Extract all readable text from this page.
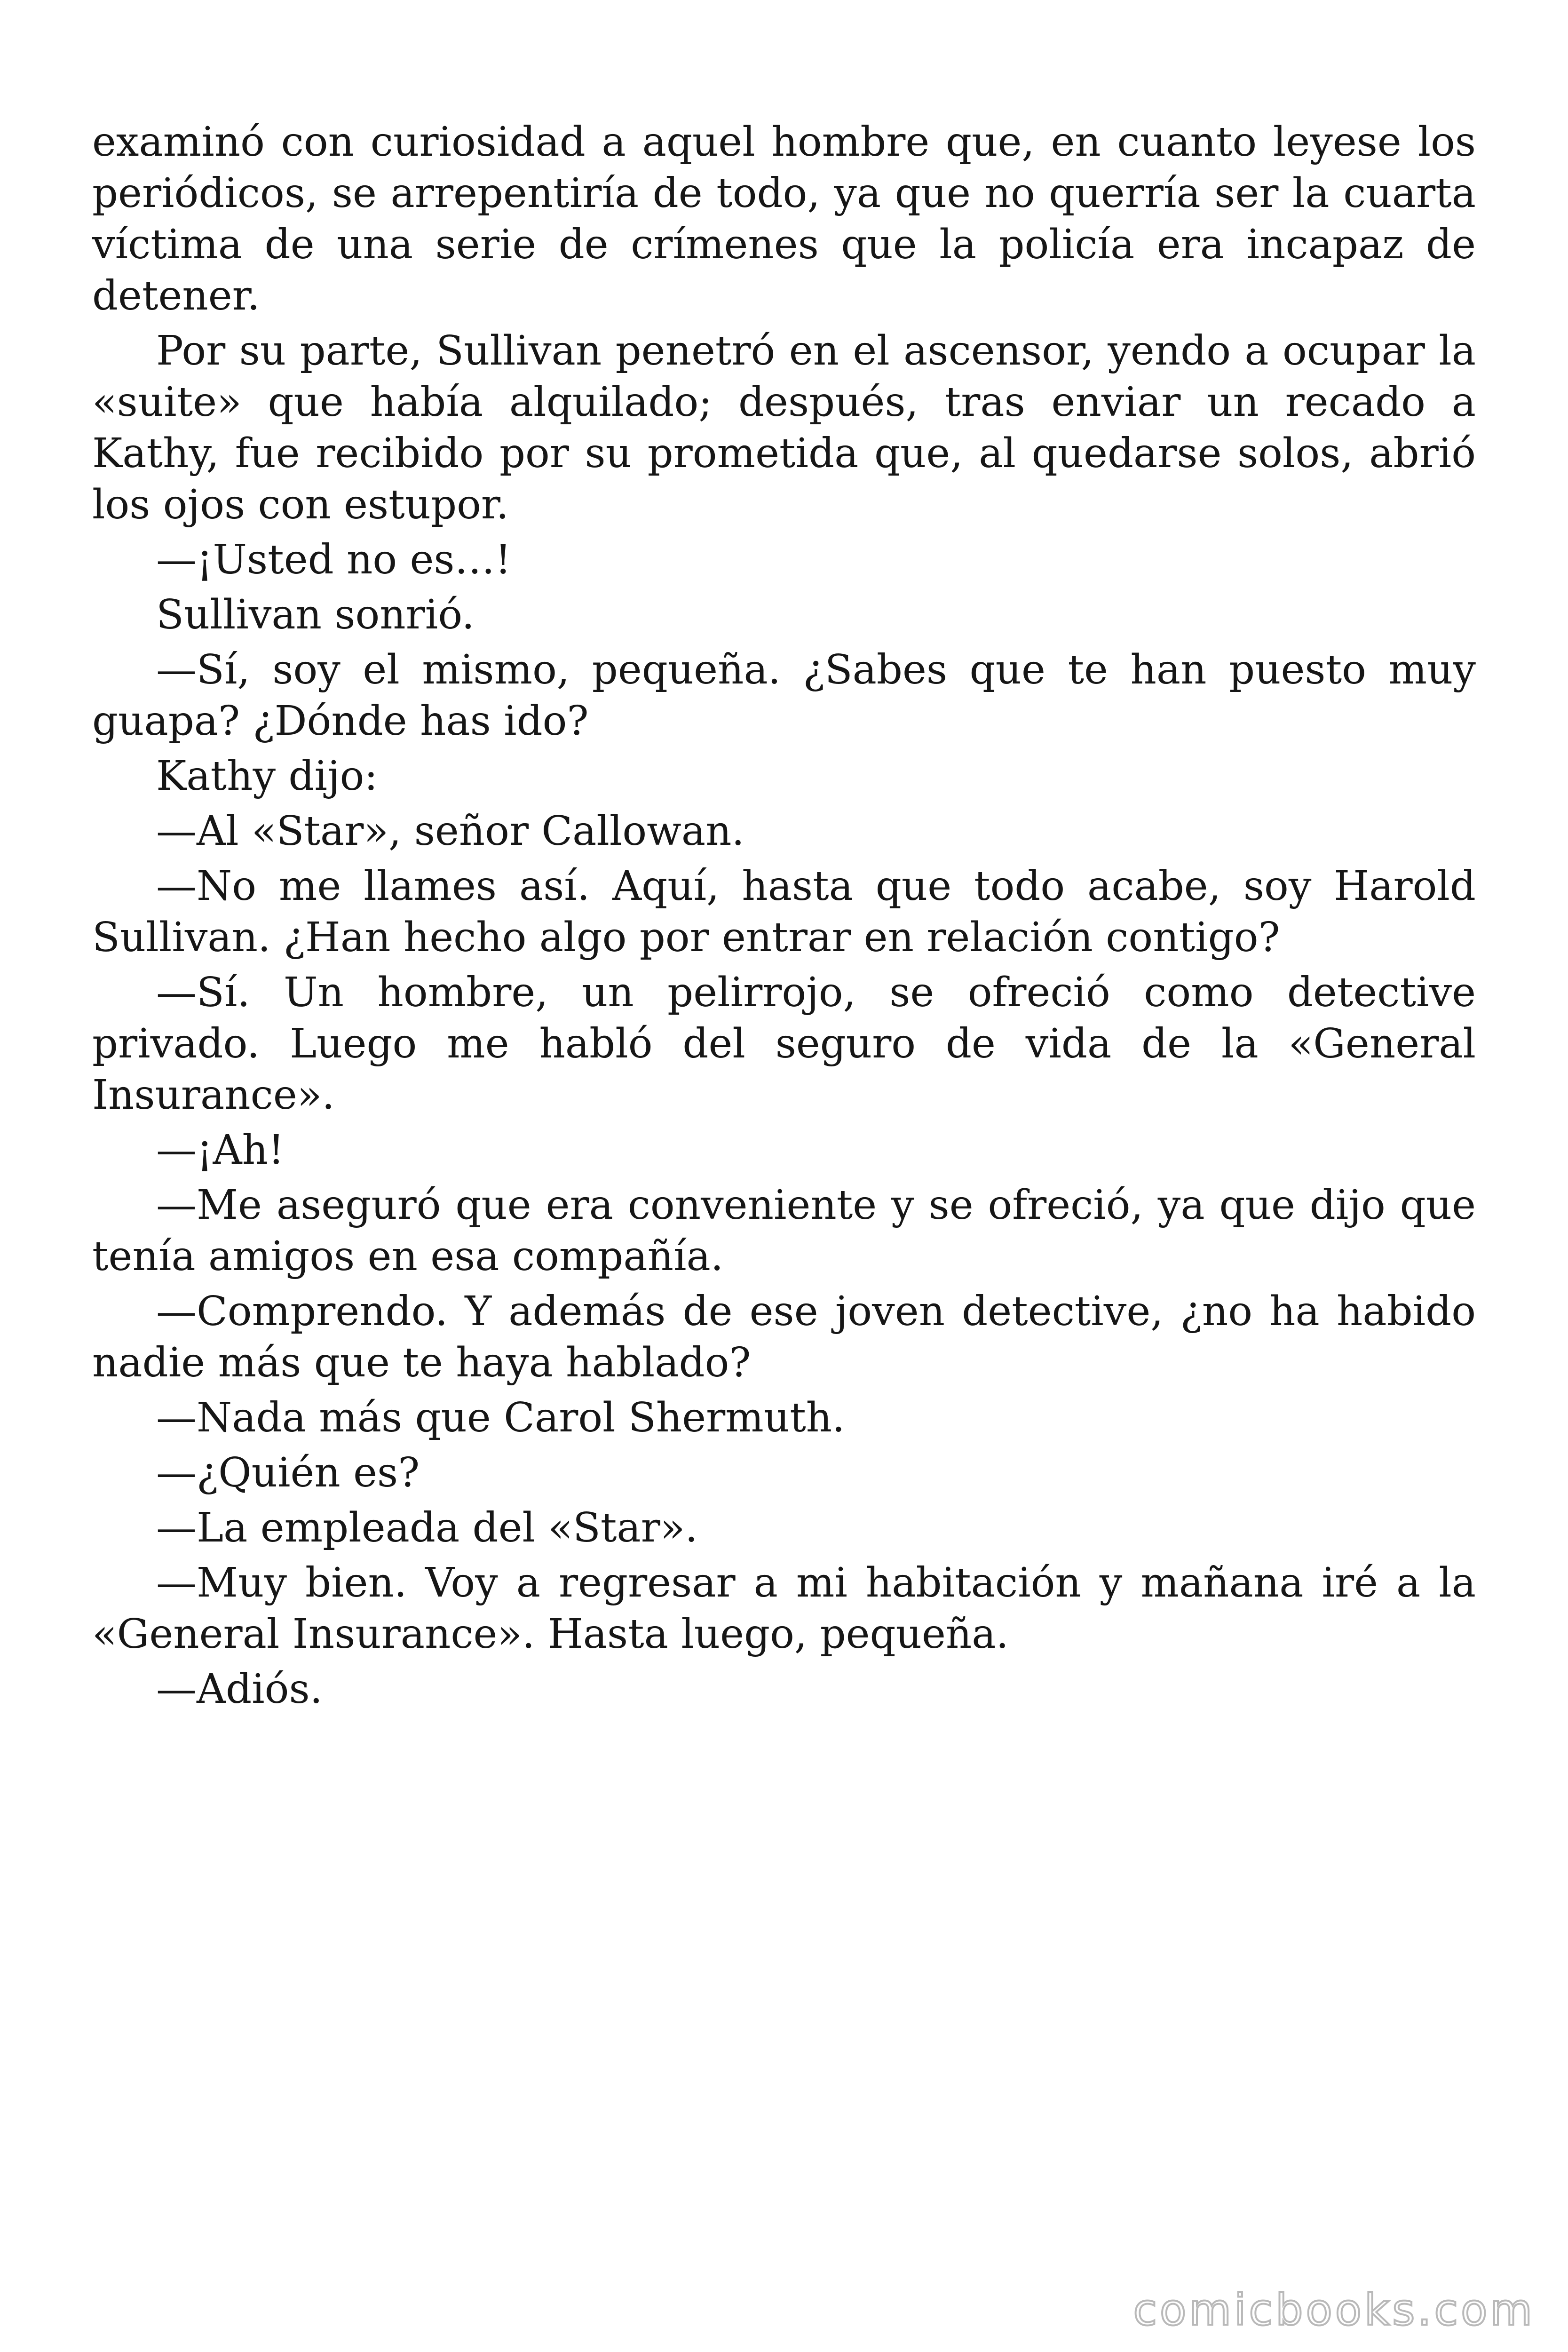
examinó con curiosidad a aquel hombre que, en cuanto leyese los periódicos, se arrepentiría de todo, ya que no querría ser la cuarta víctima de una serie de crímenes que la policía era incapaz de detener.

Por su parte, Sullivan penetró en el ascensor, yendo a ocupar la «suite» que había alquilado; después, tras enviar un recado a Kathy, fue recibido por su prometida que, al quedarse solos, abrió los ojos con estupor.

—¡Usted no es…!

Sullivan sonrió.

—Sí, soy el mismo, pequeña. ¿Sabes que te han puesto muy guapa? ¿Dónde has ido?

Kathy dijo:

—Al «Star», señor Callowan.

—No me llames así. Aquí, hasta que todo acabe, soy Harold Sullivan. ¿Han hecho algo por entrar en relación contigo?

—Sí. Un hombre, un pelirrojo, se ofreció como detective privado. Luego me habló del seguro de vida de la «General Insurance».

—¡Ah!

—Me aseguró que era conveniente y se ofreció, ya que dijo que tenía amigos en esa compañía.

—Comprendo. Y además de ese joven detective, ¿no ha habido nadie más que te haya hablado?

—Nada más que Carol Shermuth.

—¿Quién es?

—La empleada del «Star».

—Muy bien. Voy a regresar a mi habitación y mañana iré a la «General Insurance». Hasta luego, pequeña.

—Adiós.

comicbooks.com
